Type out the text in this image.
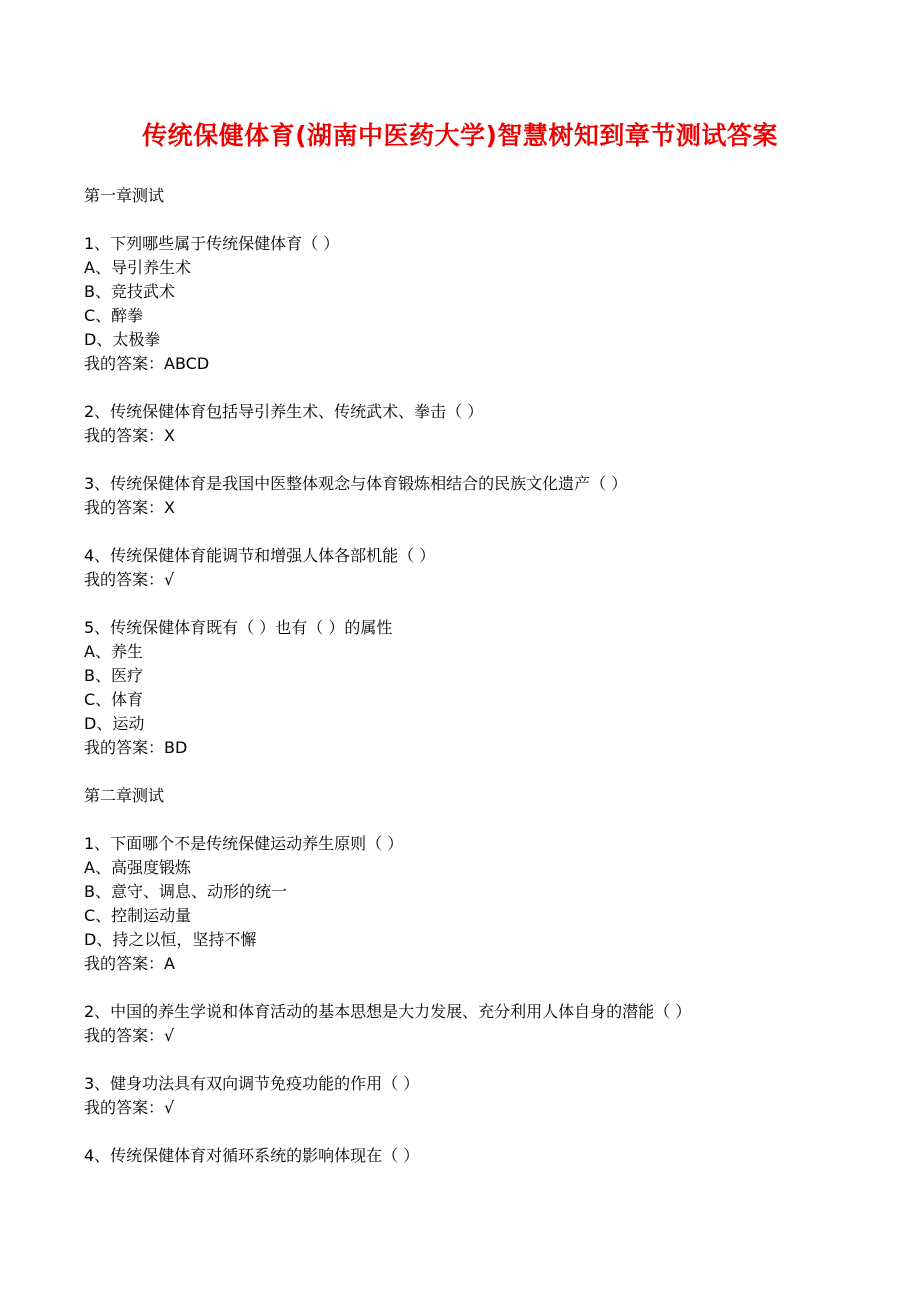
传统保健体育(湖南中医药大学)智慧树知到章节测试答案
第一章测试
1、下列哪些属于传统保健体育（ ）
A、导引养生术
B、竞技武术
C、醉拳
D、太极拳
我的答案：ABCD
2、传统保健体育包括导引养生术、传统武术、拳击（ ）
我的答案：X
3、传统保健体育是我国中医整体观念与体育锻炼相结合的民族文化遗产（ ）
我的答案：X
4、传统保健体育能调节和增强人体各部机能（ ）
我的答案：√
5、传统保健体育既有（ ）也有（ ）的属性
A、养生
B、医疗
C、体育
D、运动
我的答案：BD
第二章测试
1、下面哪个不是传统保健运动养生原则（ ）
A、高强度锻炼
B、意守、调息、动形的统一
C、控制运动量
D、持之以恒，坚持不懈
我的答案：A
2、中国的养生学说和体育活动的基本思想是大力发展、充分利用人体自身的潜能（ ）
我的答案：√
3、健身功法具有双向调节免疫功能的作用（ ）
我的答案：√
4、传统保健体育对循环系统的影响体现在（ ）
